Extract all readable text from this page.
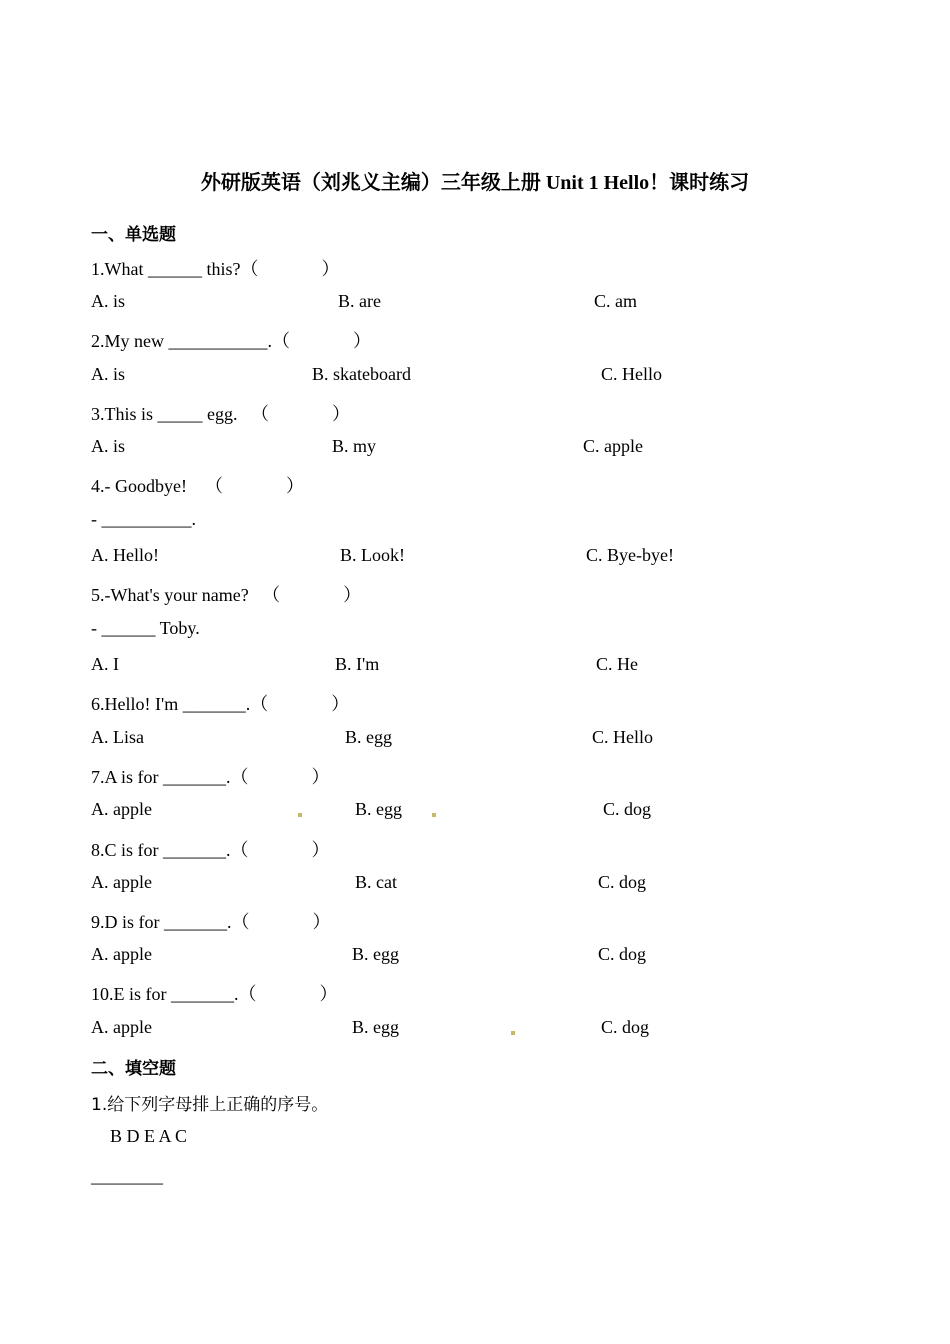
外研版英语（刘兆义主编）三年级上册 Unit 1 Hello！课时练习
一、单选题
1.What ______ this?（              ）
A. is	B. are	C. am
2.My new ___________.（              ）
A. is	B. skateboard	C. Hello
3.This is _____ egg.   （              ）
A. is	B. my	C. apple
4.- Goodbye!    （              ）
- __________.
A. Hello!	B. Look!	C. Bye-bye!
5.-What's your name?   （              ）
- ______ Toby.
A. I	B. I'm	C. He
6.Hello! I'm _______.（              ）
A. Lisa	B. egg	C. Hello
7.A is for _______.（              ）
A. apple	B. egg	C. dog
8.C is for _______.（              ）
A. apple	B. cat	C. dog
9.D is for _______.（              ）
A. apple	B. egg	C. dog
10.E is for _______.（              ）
A. apple	B. egg	C. dog
二、填空题
1.给下列字母排上正确的序号。
B D E A C
________
